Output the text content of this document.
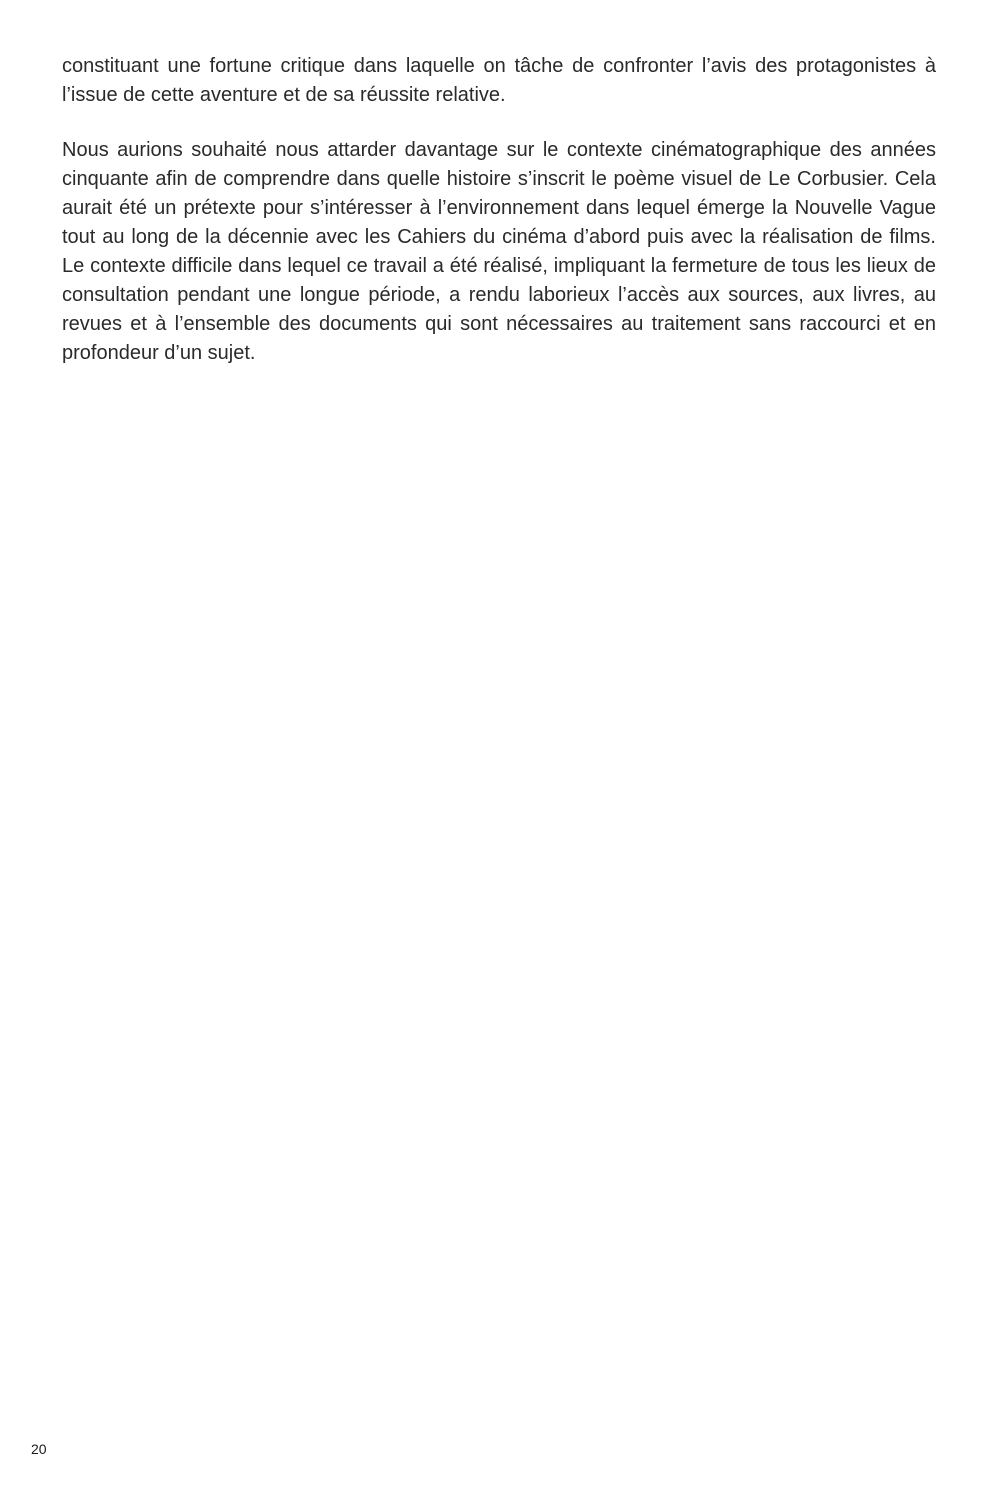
constituant une fortune critique dans laquelle on tâche de confronter l’avis des protagonistes à l’issue de cette aventure et de sa réussite relative.

Nous aurions souhaité nous attarder davantage sur le contexte cinématographique des années cinquante afin de comprendre dans quelle histoire s’inscrit le poème visuel de Le Corbusier. Cela aurait été un prétexte pour s’intéresser à l’environnement dans lequel émerge la Nouvelle Vague tout au long de la décennie avec les Cahiers du cinéma d’abord puis avec la réalisation de films. Le contexte difficile dans lequel ce travail a été réalisé, impliquant la fermeture de tous les lieux de consultation pendant une longue période, a rendu laborieux l’accès aux sources, aux livres, au revues et à l’ensemble des documents qui sont nécessaires au traitement sans raccourci et en profondeur d’un sujet.

20
